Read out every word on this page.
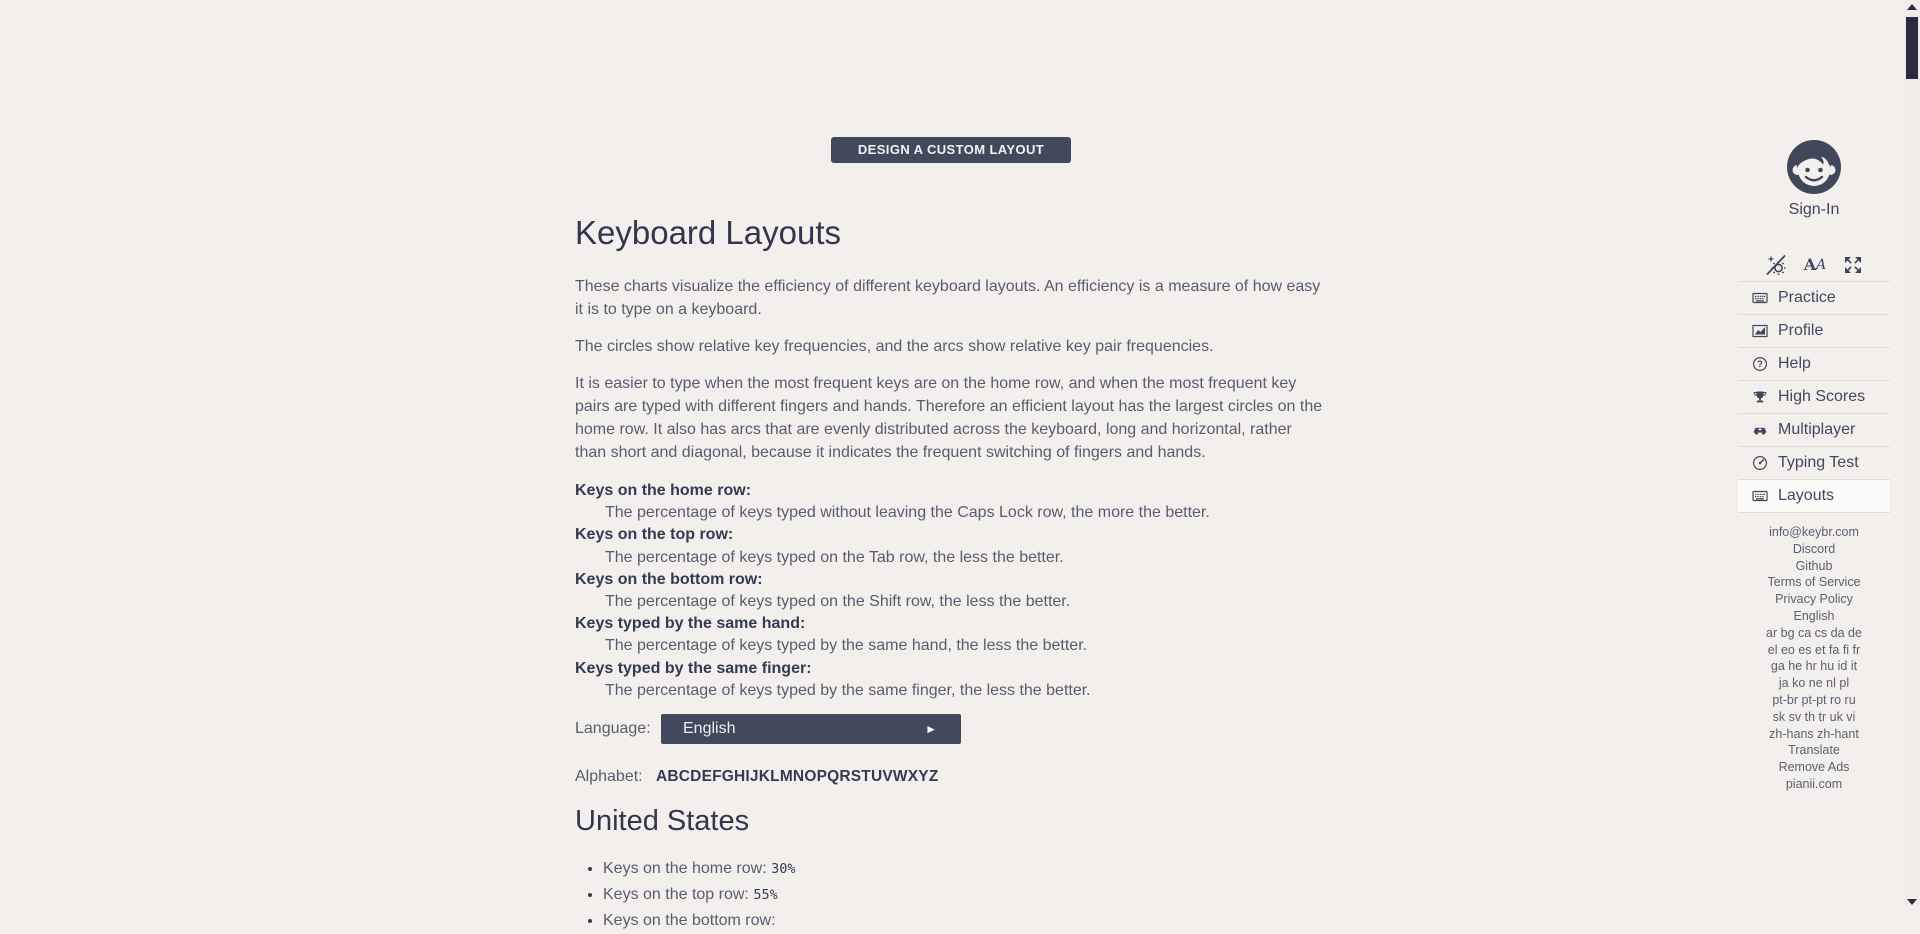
DESIGN A CUSTOM LAYOUT
Keyboard Layouts

These charts visualize the efficiency of different keyboard layouts. An efficiency is a measure of how easy it is to type on a keyboard.

The circles show relative key frequencies, and the arcs show relative key pair frequencies.

It is easier to type when the most frequent keys are on the home row, and when the most frequent key pairs are typed with different fingers and hands. Therefore an efficient layout has the largest circles on the home row. It also has arcs that are evenly distributed across the keyboard, long and horizontal, rather than short and diagonal, because it indicates the frequent switching of fingers and hands.

Keys on the home row:
The percentage of keys typed without leaving the Caps Lock row, the more the better.
Keys on the top row:
The percentage of keys typed on the Tab row, the less the better.
Keys on the bottom row:
The percentage of keys typed on the Shift row, the less the better.
Keys typed by the same hand:
The percentage of keys typed by the same hand, the less the better.
Keys typed by the same finger:
The percentage of keys typed by the same finger, the less the better.
Language:	English	►
Alphabet: ABCDEFGHIJKLMNOPQRSTUVWXYZ
United States
• Keys on the home row: 30%
• Keys on the top row: 55%
• Keys on the bottom row:
Sign-In
A A
Practice
Profile
? Help
High Scores
Multiplayer
Typing Test
Layouts
info@keybr.com
Discord
Github
Terms of Service
Privacy Policy
English
ar bg ca cs da de
el eo es et fa fi fr
ga he hr hu id it
ja ko ne nl pl
pt-br pt-pt ro ru
sk sv th tr uk vi
zh-hans zh-hant
Translate
Remove Ads
pianii.com
